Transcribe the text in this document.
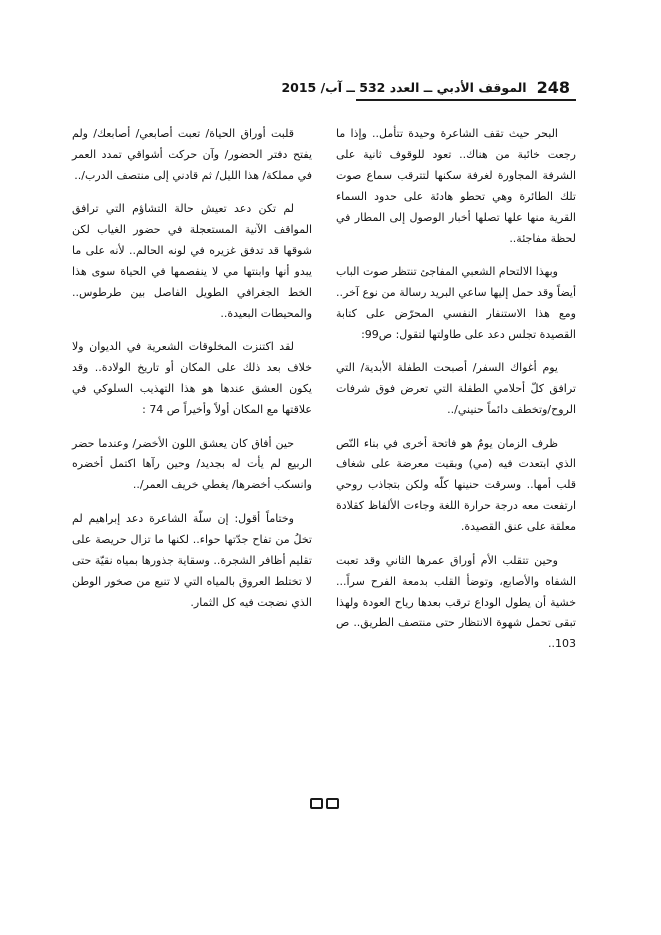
الموقف الأدبي ــ العدد 532 ــ آب/ 2015 248

البحر حيث تقف الشاعرة وحيدة تتأمل.. وإذا ما رجعت خائبة من هناك.. تعود للوقوف ثانية على الشرفة المجاورة لغرفة سكنها لتترقب سماع صوت تلك الطائرة وهي تحطو هادئة على حدود السماء القرية منها علها تصلها أخبار الوصول إلى المطار في لحظة مفاجئة..

وبهذا الالتحام الشعبي المفاجئ تنتظر صوت الباب أيضاً وقد حمل إليها ساعي البريد رسالة من نوع آخر.. ومع هذا الاستنفار النفسي المحرّض على كتابة القصيدة تجلس دعد على طاولتها لتقول: ص99:

يوم أغواك السفر/ أصبحت الطفلة الأبدية/ التي ترافق كلّ أحلامي الطفلة التي تعرض فوق شرفات الروح/وتخطف دائماً حنيني/..

ظرف الزمان يومٌ هو فاتحة أخرى في بناء النّص الذي ابتعدت فيه (مي) وبقيت معرضة على شغاف قلب أمها.. وسرقت حنينها كلّه ولكن بتجاذب روحي ارتفعت معه درجة حرارة اللغة وجاءت الألفاظ كقلادة معلقة على عنق القصيدة.

وحين تتقلب الأم أوراق عمرها الثاني وقد تعبت الشفاه والأصابع، وتوضأ القلب بدمعة الفرح سراً... خشية أن يطول الوداع ترقب بعدها رياح العودة ولهذا تبقى تحمل شهوة الانتظار حتى منتصف الطريق.. ص 103..

قلبت أوراق الحياة/ تعبت أصابعي/ أصابعك/ ولم يفتح دفتر الحضور/ وآن حركت أشواقي تمدد العمر في مملكة/ هذا الليل/ ثم قادني إلى منتصف الدرب/..

لم تكن دعد تعيش حالة التشاؤم التي ترافق المواقف الآنية المستعجلة في حضور الغياب لكن شوقها قد تدفق غزيره في لونه الحالم.. لأنه على ما يبدو أنها وابنتها مي لا ينفصمها في الحياة سوى هذا الخط الجغرافي الطويل الفاصل بين طرطوس.. والمحيطات البعيدة..

لقد اكتنزت المخلوقات الشعرية في الديوان ولا خلاف بعد ذلك على المكان أو تاريخ الولادة.. وقد يكون العشق عندها هو هذا التهذيب السلوكي في علاقتها مع المكان أولاً وأخيراً ص 74 :

حين أفاق كان يعشق اللون الأخضر/ وعندما حضر الربيع لم يأت له بجديد/ وحين رآها اكتمل أخضره وانسكب أخضرها/ يغطي خريف العمر/..

وختاماً أقول: إن سلّة الشاعرة دعد إبراهيم لم تخلُ من تفاح جدّتها حواء.. لكنها ما تزال حريصة على تقليم أظافر الشجرة.. وسقاية جذورها بمياه نقيّة حتى لا تختلط العروق بالمياه التي لا تنبع من صخور الوطن الذي نضجت فيه كل الثمار.
